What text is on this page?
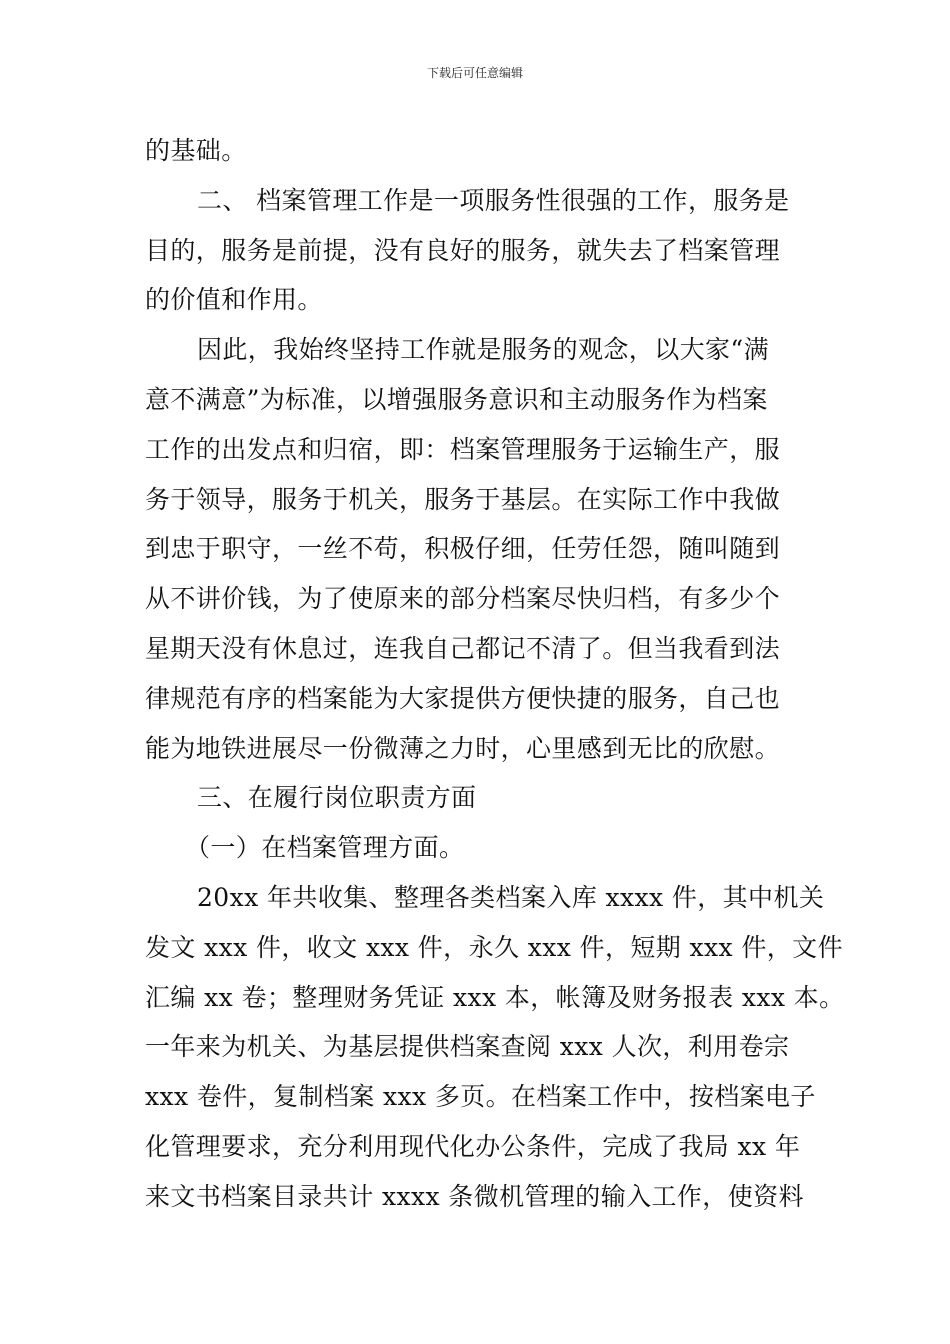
下载后可任意编辑
的基础。
二、 档案管理工作是一项服务性很强的工作，服务是
目的，服务是前提，没有良好的服务，就失去了档案管理
的价值和作用。
因此，我始终坚持工作就是服务的观念，以大家“满
意不满意”为标准，以增强服务意识和主动服务作为档案
工作的出发点和归宿，即：档案管理服务于运输生产，服
务于领导，服务于机关，服务于基层。在实际工作中我做
到忠于职守，一丝不苟，积极仔细，任劳任怨，随叫随到
从不讲价钱，为了使原来的部分档案尽快归档，有多少个
星期天没有休息过，连我自己都记不清了。但当我看到法
律规范有序的档案能为大家提供方便快捷的服务，自己也
能为地铁进展尽一份微薄之力时，心里感到无比的欣慰。
三、在履行岗位职责方面
（一）在档案管理方面。
20xx 年共收集、整理各类档案入库 xxxx 件，其中机关
发文 xxx 件，收文 xxx 件，永久 xxx 件，短期 xxx 件，文件
汇编 xx 卷；整理财务凭证 xxx 本，帐簿及财务报表 xxx 本。
一年来为机关、为基层提供档案查阅 xxx 人次，利用卷宗
xxx 卷件，复制档案 xxx 多页。在档案工作中，按档案电子
化管理要求，充分利用现代化办公条件，完成了我局 xx 年
来文书档案目录共计 xxxx 条微机管理的输入工作，使资料
